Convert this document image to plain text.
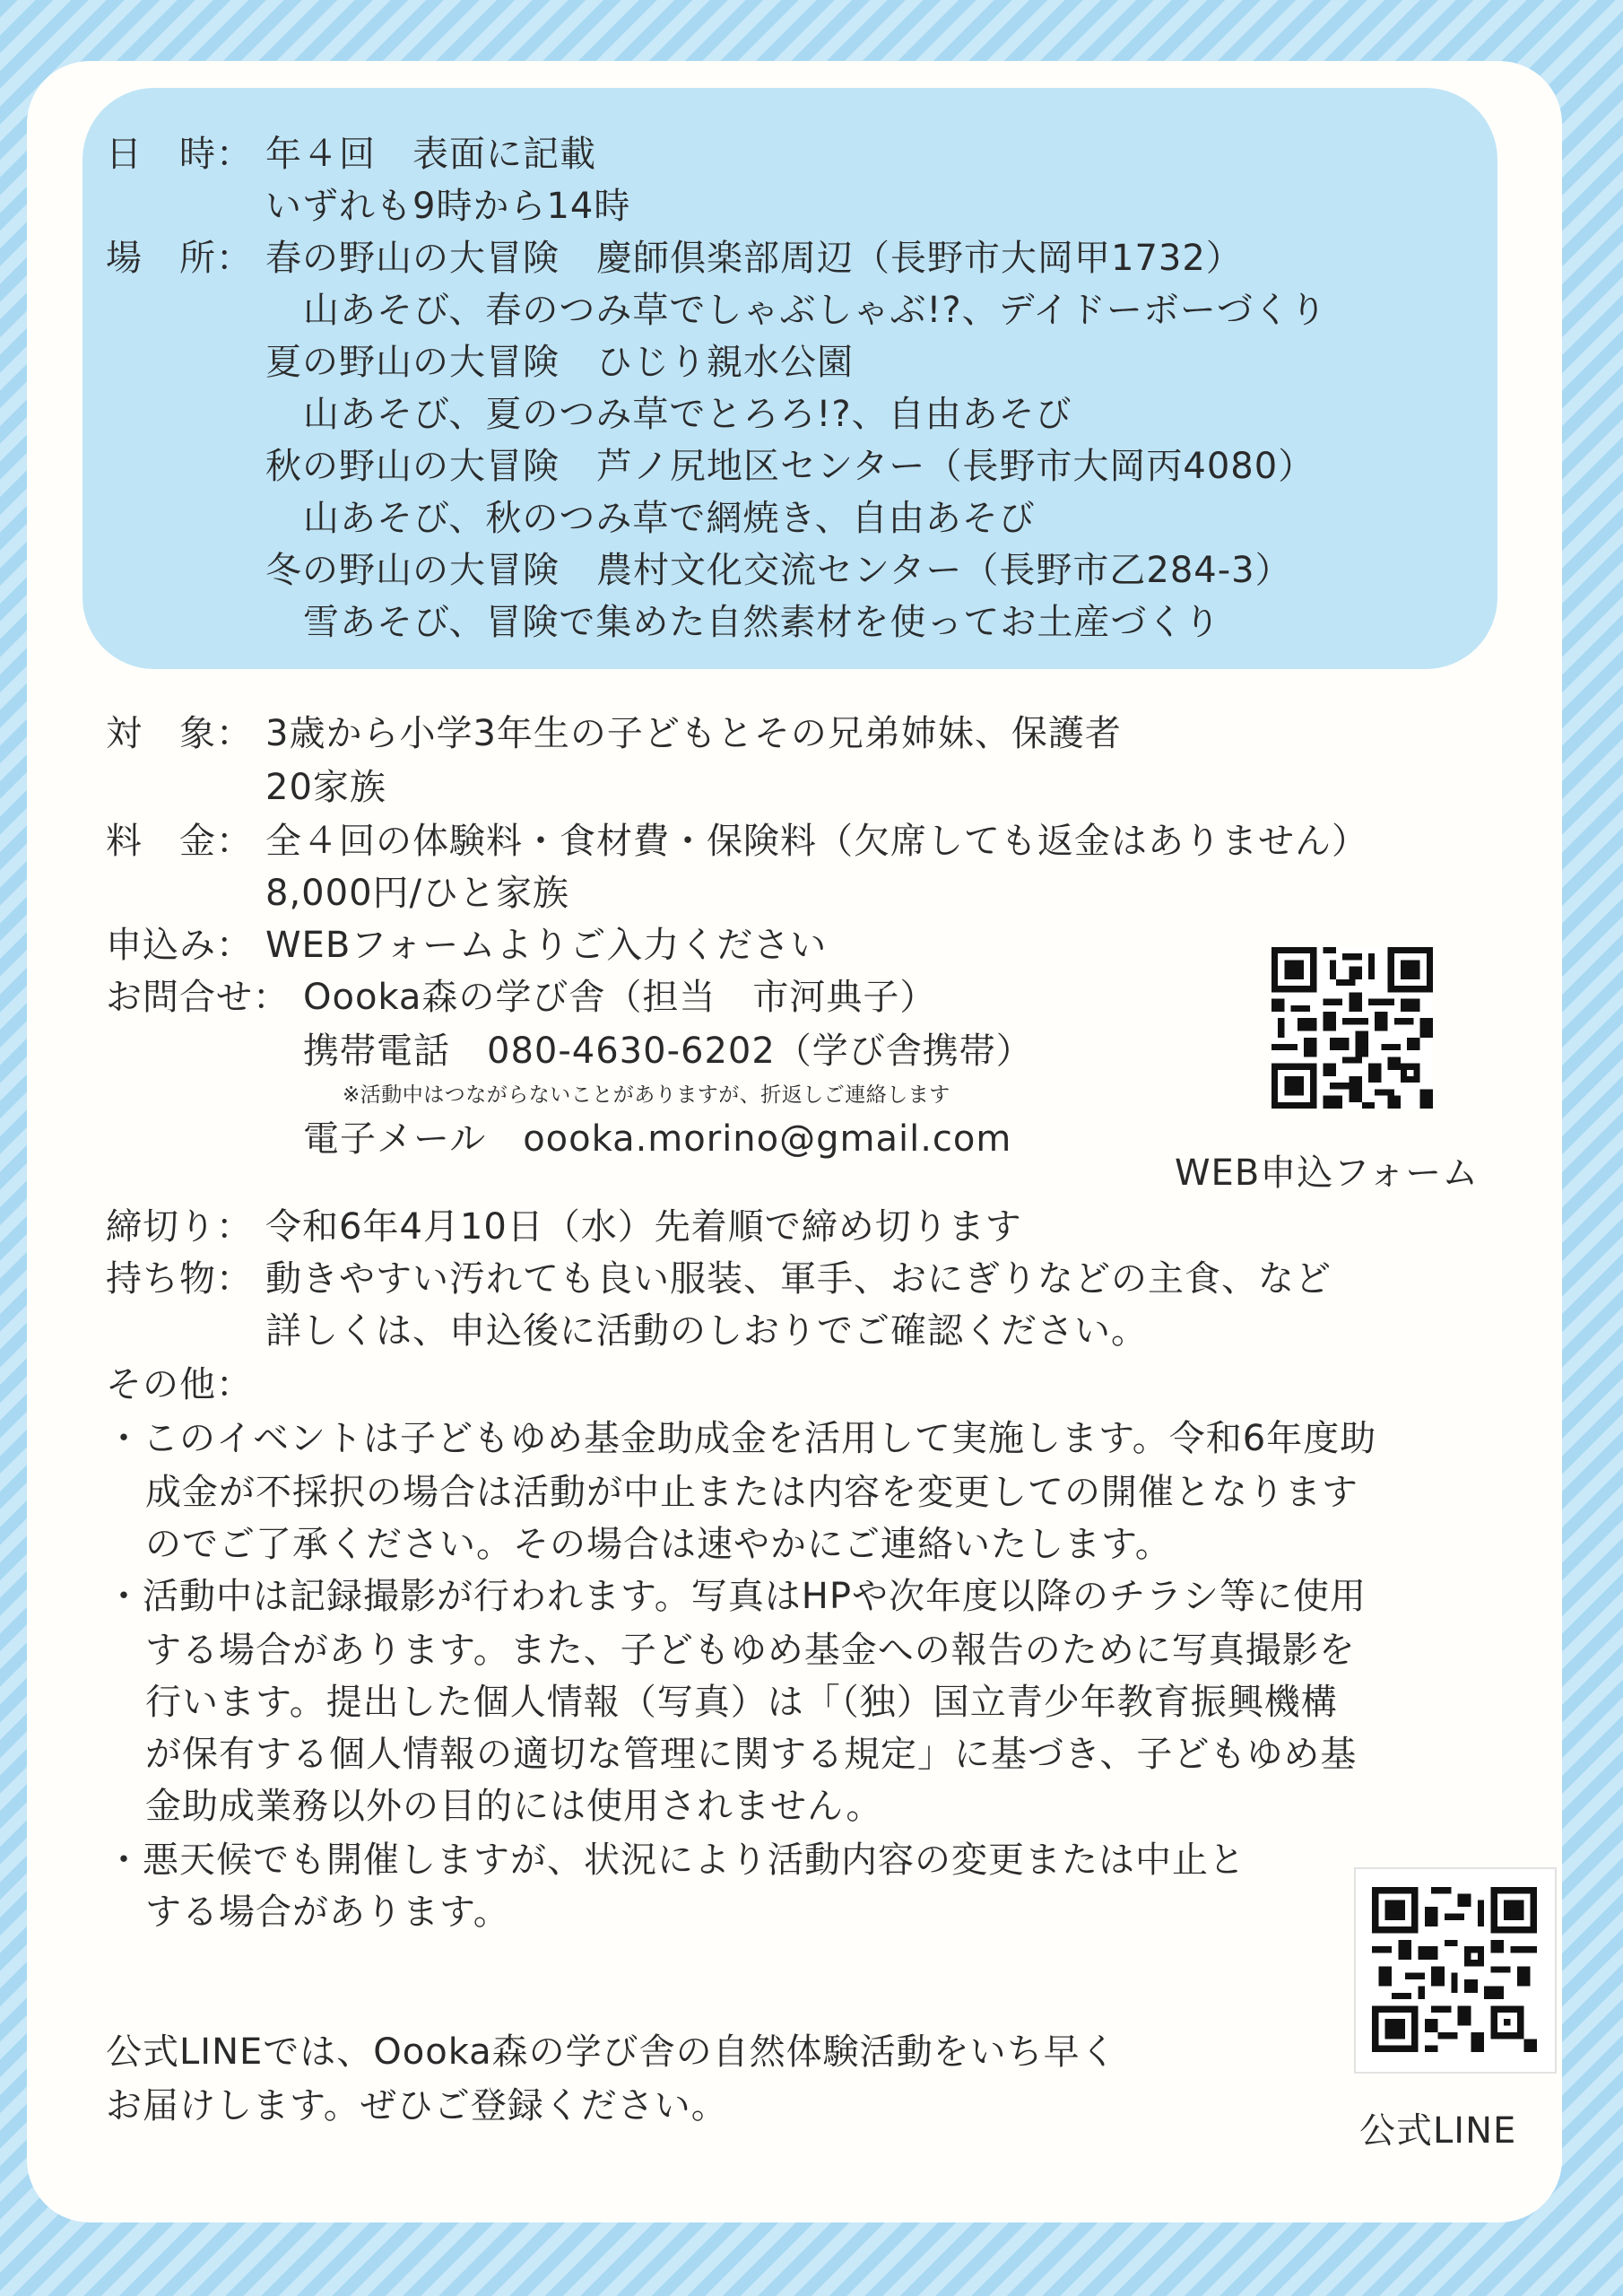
日　時： 年４回　表面に記載
いずれも9時から14時
場　所： 春の野山の大冒険　慶師倶楽部周辺（長野市大岡甲1732）
山あそび、春のつみ草でしゃぶしゃぶ!?、デイドーボーづくり
夏の野山の大冒険　ひじり親水公園
山あそび、夏のつみ草でとろろ!?、自由あそび
秋の野山の大冒険　芦ノ尻地区センター（長野市大岡丙4080）
山あそび、秋のつみ草で網焼き、自由あそび
冬の野山の大冒険　農村文化交流センター（長野市乙284-3）
雪あそび、冒険で集めた自然素材を使ってお土産づくり
対　象： 3歳から小学3年生の子どもとその兄弟姉妹、保護者
20家族
料　金： 全４回の体験料・食材費・保険料（欠席しても返金はありません）
8,000円/ひと家族
申込み： WEBフォームよりご入力ください
お問合せ： Oooka森の学び舎（担当　市河典子）
携帯電話　080-4630-6202（学び舎携帯）
※活動中はつながらないことがありますが、折返しご連絡します
電子メール　oooka.morino@gmail.com
WEB申込フォーム
締切り： 令和6年4月10日（水）先着順で締め切ります
持ち物： 動きやすい汚れても良い服装、軍手、おにぎりなどの主食、など
詳しくは、申込後に活動のしおりでご確認ください。
その他：
・このイベントは子どもゆめ基金助成金を活用して実施します。令和6年度助
成金が不採択の場合は活動が中止または内容を変更しての開催となります
のでご了承ください。その場合は速やかにご連絡いたします。
・活動中は記録撮影が行われます。写真はHPや次年度以降のチラシ等に使用
する場合があります。また、子どもゆめ基金への報告のために写真撮影を
行います。提出した個人情報（写真）は「（独）国立青少年教育振興機構
が保有する個人情報の適切な管理に関する規定」に基づき、子どもゆめ基
金助成業務以外の目的には使用されません。
・悪天候でも開催しますが、状況により活動内容の変更または中止と
する場合があります。
公式LINEでは、Oooka森の学び舎の自然体験活動をいち早く
お届けします。ぜひご登録ください。
公式LINE
